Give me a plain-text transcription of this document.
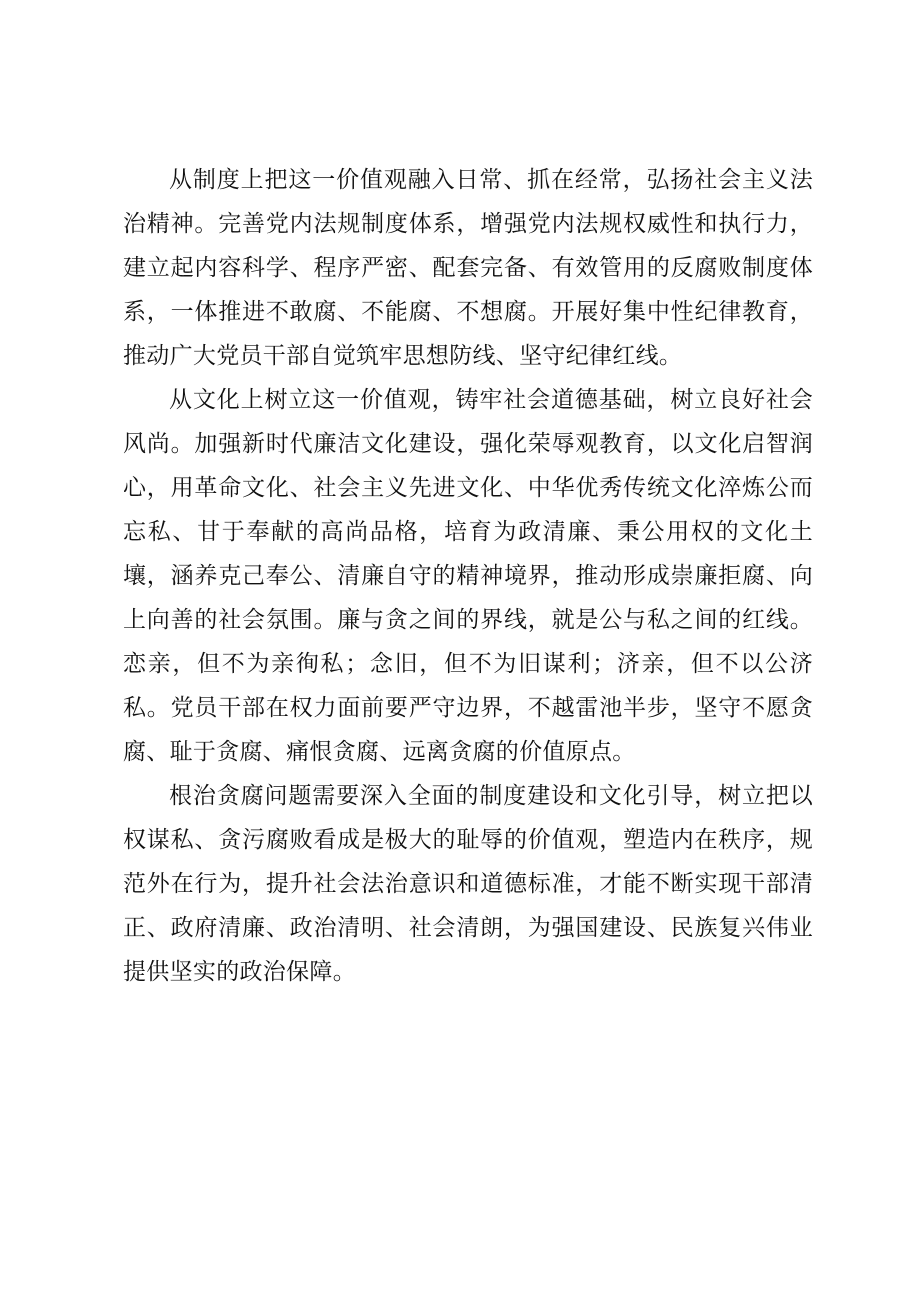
从制度上把这一价值观融入日常、抓在经常，弘扬社会主义法治精神。完善党内法规制度体系，增强党内法规权威性和执行力，建立起内容科学、程序严密、配套完备、有效管用的反腐败制度体系，一体推进不敢腐、不能腐、不想腐。开展好集中性纪律教育，推动广大党员干部自觉筑牢思想防线、坚守纪律红线。

从文化上树立这一价值观，铸牢社会道德基础，树立良好社会风尚。加强新时代廉洁文化建设，强化荣辱观教育，以文化启智润心，用革命文化、社会主义先进文化、中华优秀传统文化淬炼公而忘私、甘于奉献的高尚品格，培育为政清廉、秉公用权的文化土壤，涵养克己奉公、清廉自守的精神境界，推动形成崇廉拒腐、向上向善的社会氛围。廉与贪之间的界线，就是公与私之间的红线。恋亲，但不为亲徇私；念旧，但不为旧谋利；济亲，但不以公济私。党员干部在权力面前要严守边界，不越雷池半步，坚守不愿贪腐、耻于贪腐、痛恨贪腐、远离贪腐的价值原点。

根治贪腐问题需要深入全面的制度建设和文化引导，树立把以权谋私、贪污腐败看成是极大的耻辱的价值观，塑造内在秩序，规范外在行为，提升社会法治意识和道德标准，才能不断实现干部清正、政府清廉、政治清明、社会清朗，为强国建设、民族复兴伟业提供坚实的政治保障。
